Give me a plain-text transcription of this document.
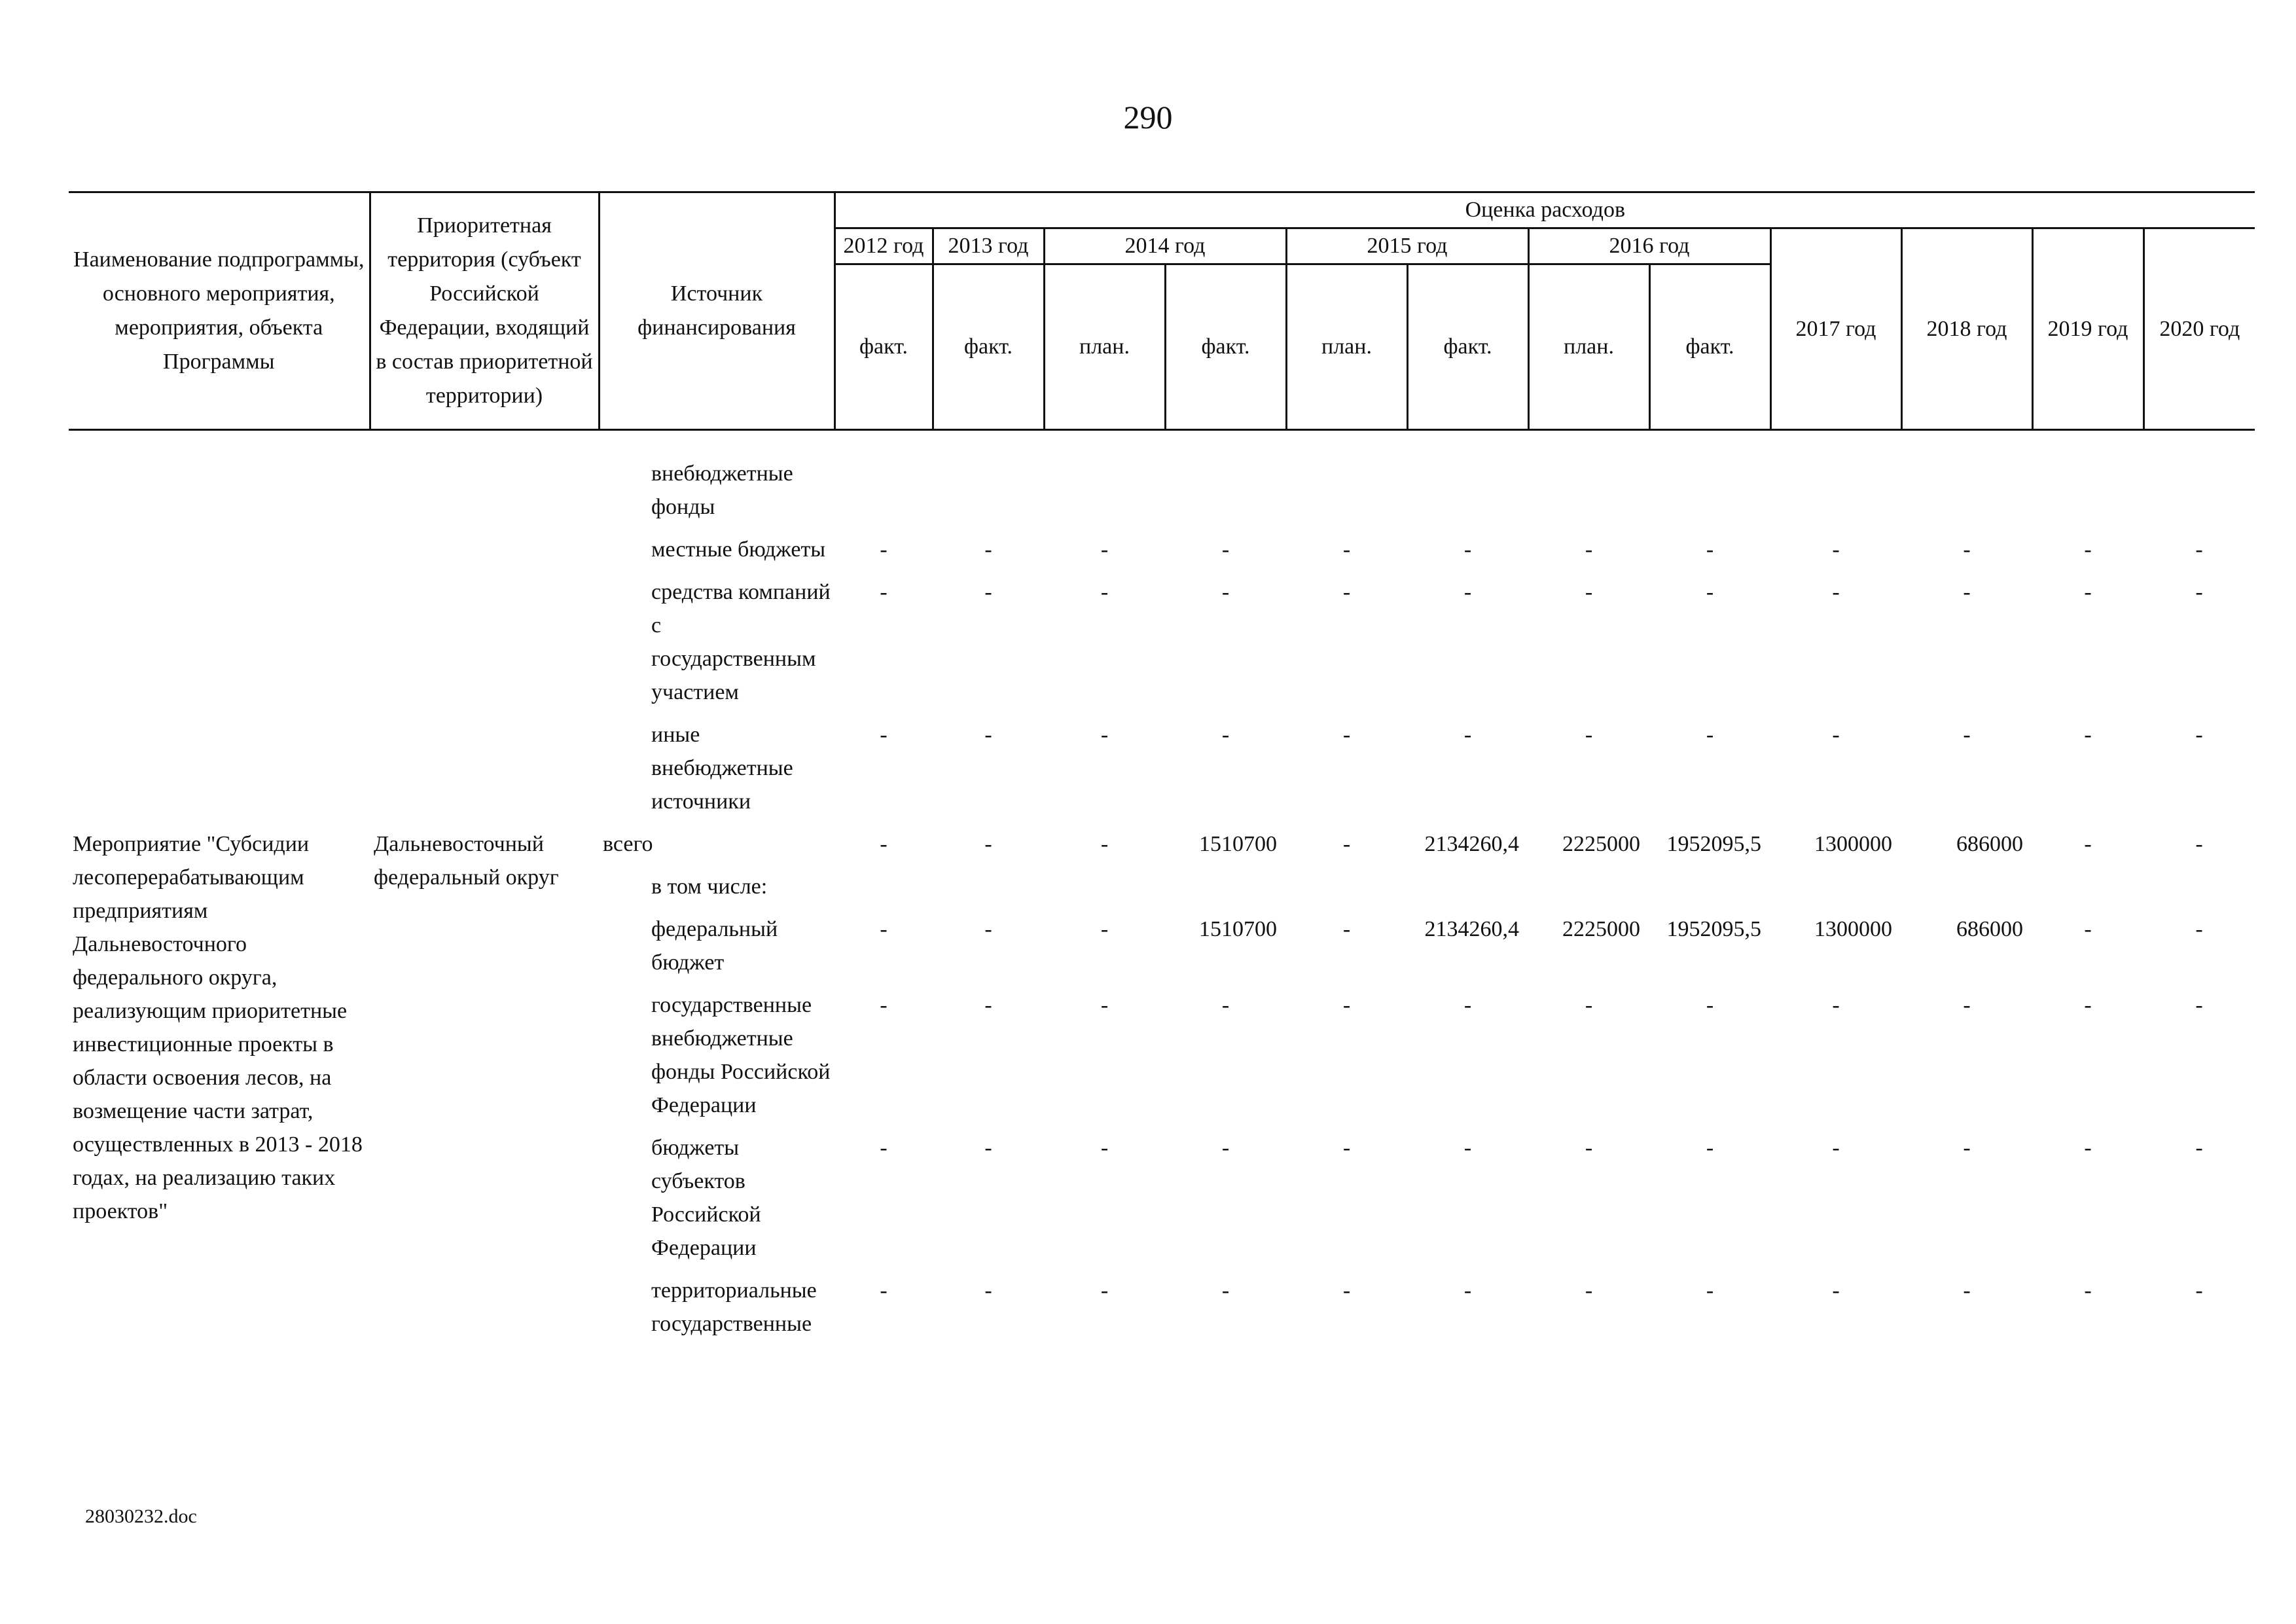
290
Наименование подпрограммы, основного мероприятия, мероприятия, объекта Программы	Приоритетная территория (субъект Российской Федерации, входящий в состав приоритетной территории)	Источник финансирования	Оценка расходов											
			2012 год	2013 год	2014 год		2015 год		2016 год		2017 год	2018 год	2019 год	2020 год
			факт.	факт.	план.	факт.	план.	факт.	план.	факт.				

		внебюджетные фонды												
		местные бюджеты	-	-	-	-	-	-	-	-	-	-	-	-
		средства компаний с государственным участием	-	-	-	-	-	-	-	-	-	-	-	-
		иные внебюджетные источники	-	-	-	-	-	-	-	-	-	-	-	-
Мероприятие "Субсидии лесоперерабатывающим предприятиям Дальневосточного федерального округа, реализующим приоритетные инвестиционные проекты в области освоения лесов, на возмещение части затрат, осуществленных в 2013 - 2018 годах, на реализацию таких проектов"	Дальневосточный федеральный округ	всего	-	-	-	1510700	-	2134260,4	2225000	1952095,5	1300000	686000	-	-
		в том числе:												
		федеральный бюджет	-	-	-	1510700	-	2134260,4	2225000	1952095,5	1300000	686000	-	-
		государственные внебюджетные фонды Российской Федерации	-	-	-	-	-	-	-	-	-	-	-	-
		бюджеты субъектов Российской Федерации	-	-	-	-	-	-	-	-	-	-	-	-
		территориальные государственные	-	-	-	-	-	-	-	-	-	-	-	-
28030232.doc
